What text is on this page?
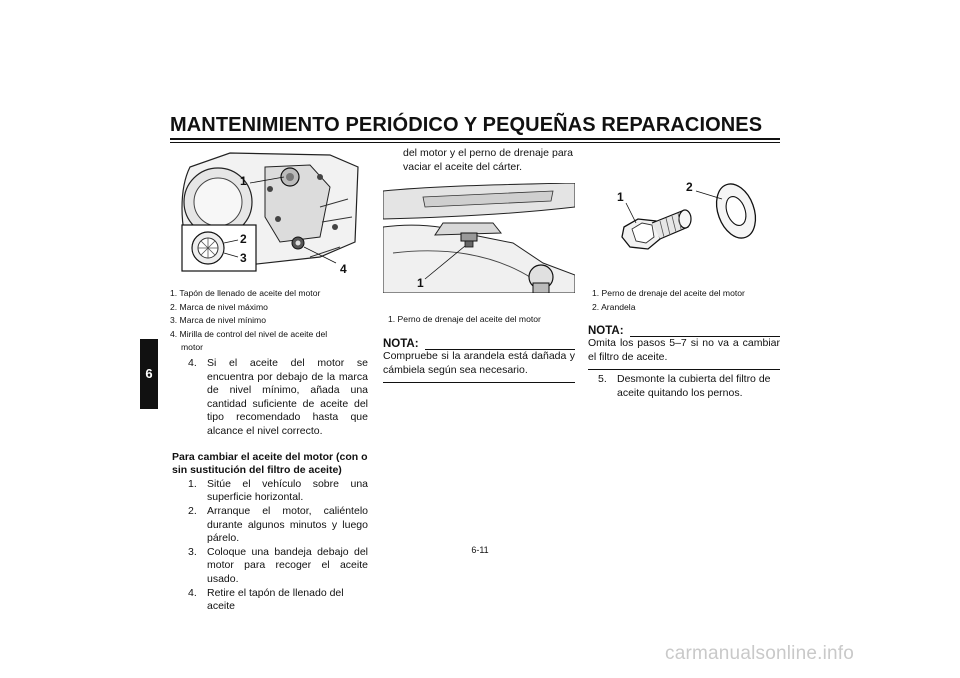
MANTENIMIENTO PERIÓDICO Y PEQUEÑAS REPARACIONES
6
1
2
3
4
1. Tapón de llenado de aceite del motor
2. Marca de nivel máximo
3. Marca de nivel mínimo
4. Mirilla de control del nivel de aceite del
motor
4. Si el aceite del motor se encuentra por debajo de la marca de nivel mínimo, añada una cantidad suficiente de aceite del tipo recomendado hasta que alcance el nivel correcto.
Para cambiar el aceite del motor (con o sin sustitución del filtro de aceite)
1. Sitúe el vehículo sobre una superficie horizontal.
2. Arranque el motor, caliéntelo durante algunos minutos y luego párelo.
3. Coloque una bandeja debajo del motor para recoger el aceite usado.
4. Retire el tapón de llenado del aceite
del motor y el perno de drenaje para vaciar el aceite del cárter.
1
1. Perno de drenaje del aceite del motor
NOTA:
Compruebe si la arandela está dañada y cámbiela según sea necesario.
1
2
1. Perno de drenaje del aceite del motor
2. Arandela
NOTA:
Omita los pasos 5–7 si no va a cambiar el filtro de aceite.
5. Desmonte la cubierta del filtro de aceite quitando los pernos.
6-11
carmanualsonline.info
